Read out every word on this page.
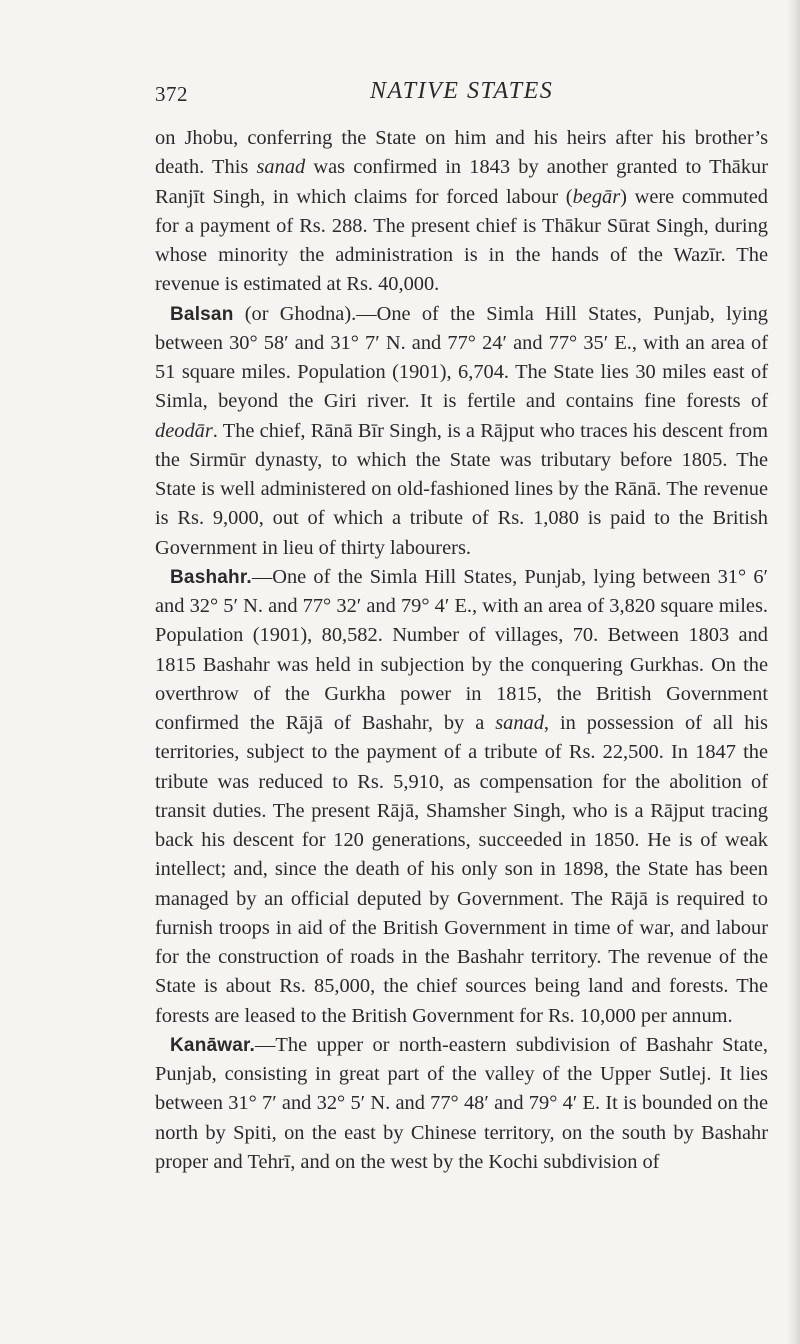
372	NATIVE STATES

on Jhobu, conferring the State on him and his heirs after his brother’s death. This sanad was confirmed in 1843 by another granted to Thākur Ranjīt Singh, in which claims for forced labour (begār) were commuted for a payment of Rs. 288. The present chief is Thākur Sūrat Singh, during whose minority the administration is in the hands of the Wazīr. The revenue is estimated at Rs. 40,000.

Balsan (or Ghodna).—One of the Simla Hill States, Punjab, lying between 30° 58′ and 31° 7′ N. and 77° 24′ and 77° 35′ E., with an area of 51 square miles. Population (1901), 6,704. The State lies 30 miles east of Simla, beyond the Giri river. It is fertile and contains fine forests of deodār. The chief, Rānā Bīr Singh, is a Rājput who traces his descent from the Sirmūr dynasty, to which the State was tributary before 1805. The State is well administered on old-fashioned lines by the Rānā. The revenue is Rs. 9,000, out of which a tribute of Rs. 1,080 is paid to the British Government in lieu of thirty labourers.

Bashahr.—One of the Simla Hill States, Punjab, lying between 31° 6′ and 32° 5′ N. and 77° 32′ and 79° 4′ E., with an area of 3,820 square miles. Population (1901), 80,582. Number of villages, 70. Between 1803 and 1815 Bashahr was held in subjection by the conquering Gurkhas. On the overthrow of the Gurkha power in 1815, the British Government confirmed the Rājā of Bashahr, by a sanad, in possession of all his territories, subject to the payment of a tribute of Rs. 22,500. In 1847 the tribute was reduced to Rs. 5,910, as compensation for the abolition of transit duties. The present Rājā, Shamsher Singh, who is a Rājput tracing back his descent for 120 generations, succeeded in 1850. He is of weak intellect; and, since the death of his only son in 1898, the State has been managed by an official deputed by Government. The Rājā is required to furnish troops in aid of the British Government in time of war, and labour for the construction of roads in the Bashahr territory. The revenue of the State is about Rs. 85,000, the chief sources being land and forests. The forests are leased to the British Government for Rs. 10,000 per annum.

Kanāwar.—The upper or north-eastern subdivision of Bashahr State, Punjab, consisting in great part of the valley of the Upper Sutlej. It lies between 31° 7′ and 32° 5′ N. and 77° 48′ and 79° 4′ E. It is bounded on the north by Spiti, on the east by Chinese territory, on the south by Bashahr proper and Tehrī, and on the west by the Kochi subdivision of
